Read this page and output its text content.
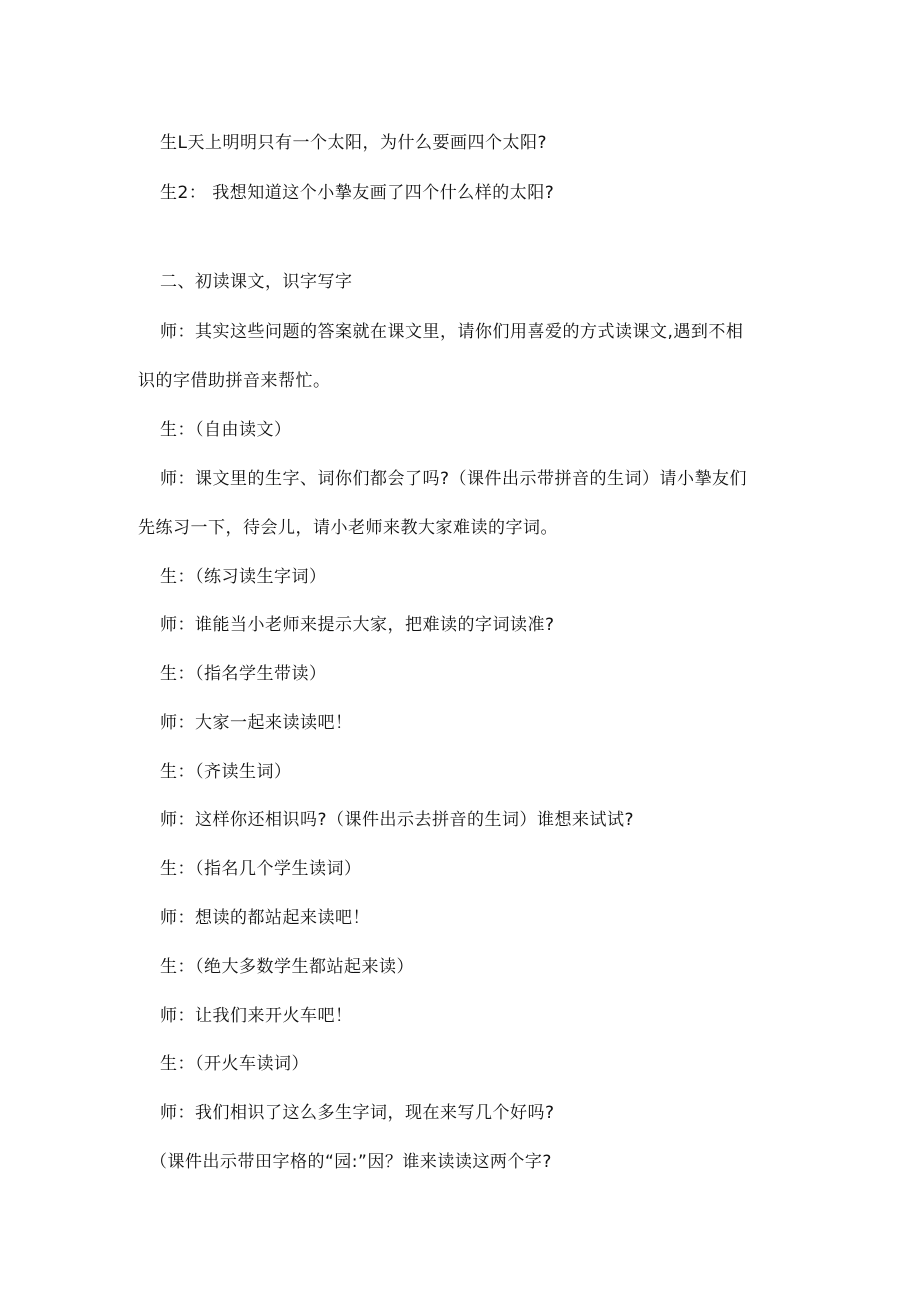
生L天上明明只有一个太阳，为什么要画四个太阳?
生2： 我想知道这个小摯友画了四个什么样的太阳?
二、初读课文，识字写字
师：其实这些问题的答案就在课文里，请你们用喜爱的方式读课文,遇到不相
识的字借助拼音来帮忙。
生：（自由读文）
师：课文里的生字、词你们都会了吗?（课件出示带拼音的生词）请小摯友们
先练习一下，待会儿，请小老师来教大家难读的字词。
生：（练习读生字词）
师：谁能当小老师来提示大家，把难读的字词读准?
生：（指名学生带读）
师：大家一起来读读吧！
生：（齐读生词）
师：这样你还相识吗?（课件出示去拼音的生词）谁想来试试?
生：（指名几个学生读词）
师：想读的都站起来读吧！
生：（绝大多数学生都站起来读）
师：让我们来开火车吧！
生：（开火车读词）
师：我们相识了这么多生字词，现在来写几个好吗?
（课件出示带田字格的“园:”因？谁来读读这两个字?
